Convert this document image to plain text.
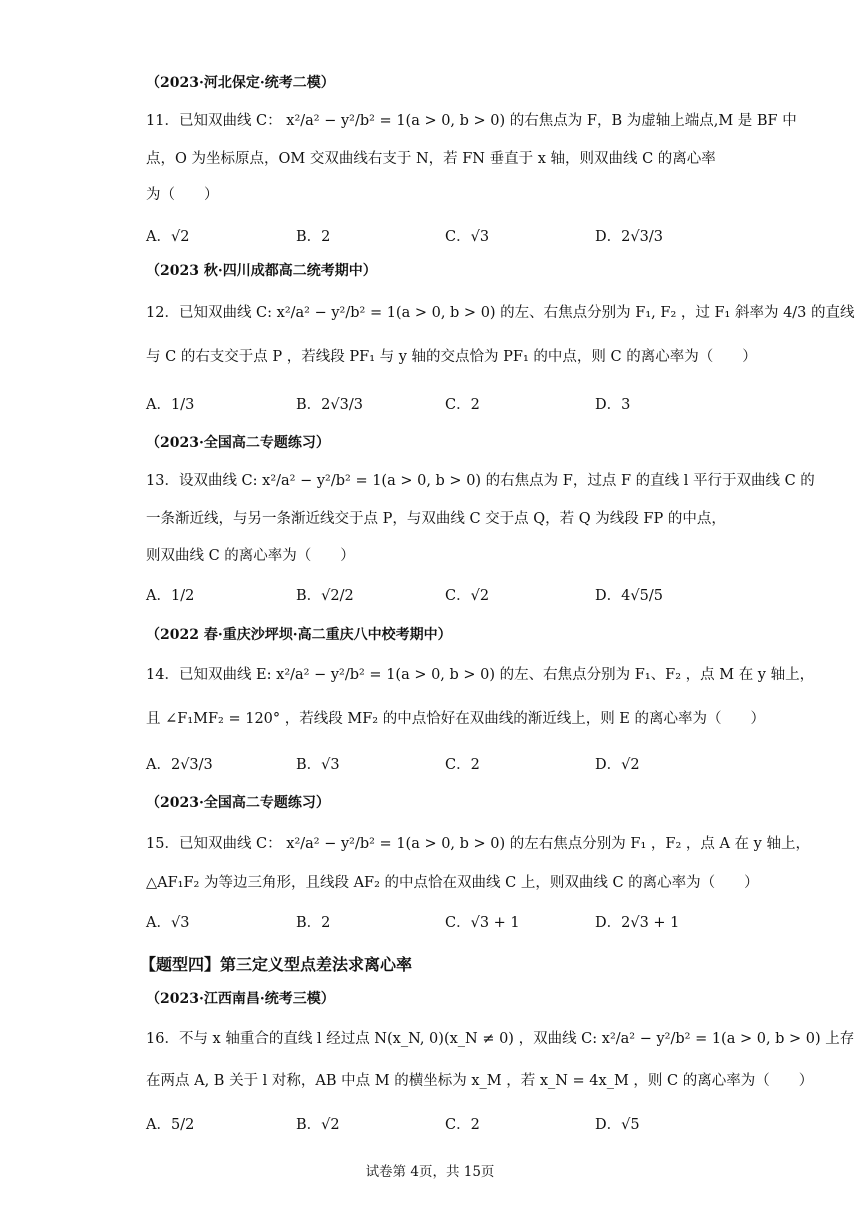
（2023·河北保定·统考二模）
11．已知双曲线 C： x²/a² − y²/b² = 1(a > 0, b > 0) 的右焦点为 F，B 为虚轴上端点,M 是 BF 中
点，O 为坐标原点，OM 交双曲线右支于 N，若 FN 垂直于 x 轴，则双曲线 C 的离心率
为（　　）
A．√2	B．2	C．√3	D．2√3/3
（2023 秋·四川成都高二统考期中）
12．已知双曲线 C: x²/a² − y²/b² = 1(a > 0, b > 0) 的左、右焦点分别为 F₁, F₂ ，过 F₁ 斜率为 4/3 的直线
与 C 的右支交于点 P ，若线段 PF₁ 与 y 轴的交点恰为 PF₁ 的中点，则 C 的离心率为（　　）
A．1/3	B．2√3/3	C．2	D．3
（2023·全国高二专题练习）
13．设双曲线 C: x²/a² − y²/b² = 1(a > 0, b > 0) 的右焦点为 F，过点 F 的直线 l 平行于双曲线 C 的
一条渐近线，与另一条渐近线交于点 P，与双曲线 C 交于点 Q，若 Q 为线段 FP 的中点，
则双曲线 C 的离心率为（　　）
A．1/2	B．√2/2	C．√2	D．4√5/5
（2022 春·重庆沙坪坝·高二重庆八中校考期中）
14．已知双曲线 E: x²/a² − y²/b² = 1(a > 0, b > 0) 的左、右焦点分别为 F₁、F₂ ，点 M 在 y 轴上，
且 ∠F₁MF₂ = 120° ，若线段 MF₂ 的中点恰好在双曲线的渐近线上，则 E 的离心率为（　　）
A．2√3/3	B．√3	C．2	D．√2
（2023·全国高二专题练习）
15．已知双曲线 C： x²/a² − y²/b² = 1(a > 0, b > 0) 的左右焦点分别为 F₁ ，F₂ ，点 A 在 y 轴上，
△AF₁F₂ 为等边三角形，且线段 AF₂ 的中点恰在双曲线 C 上，则双曲线 C 的离心率为（　　）
A．√3	B．2	C．√3 + 1	D．2√3 + 1
【题型四】第三定义型点差法求离心率
（2023·江西南昌·统考三模）
16．不与 x 轴重合的直线 l 经过点 N(x_N, 0)(x_N ≠ 0) ，双曲线 C: x²/a² − y²/b² = 1(a > 0, b > 0) 上存
在两点 A, B 关于 l 对称，AB 中点 M 的横坐标为 x_M ，若 x_N = 4x_M ，则 C 的离心率为（　　）
A．5/2	B．√2	C．2	D．√5
试卷第 4页，共 15页
